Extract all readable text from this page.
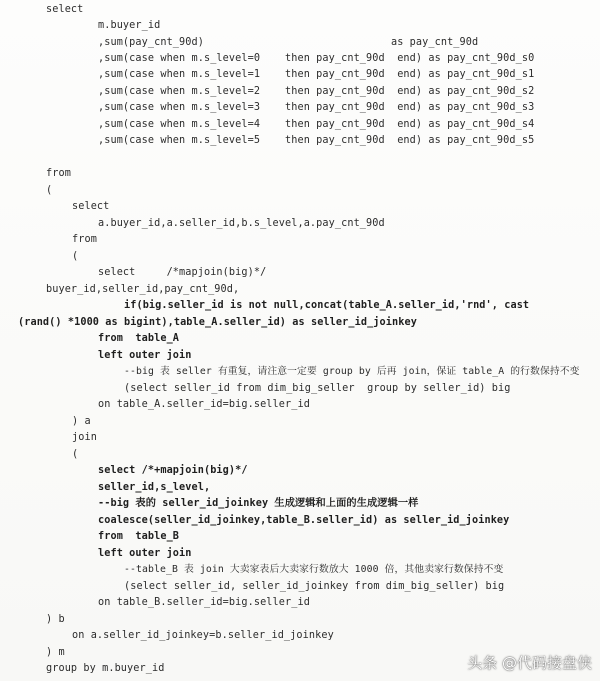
select
m.buyer_id
,sum(pay_cnt_90d)                              as pay_cnt_90d
,sum(case when m.s_level=0    then pay_cnt_90d  end) as pay_cnt_90d_s0
,sum(case when m.s_level=1    then pay_cnt_90d  end) as pay_cnt_90d_s1
,sum(case when m.s_level=2    then pay_cnt_90d  end) as pay_cnt_90d_s2
,sum(case when m.s_level=3    then pay_cnt_90d  end) as pay_cnt_90d_s3
,sum(case when m.s_level=4    then pay_cnt_90d  end) as pay_cnt_90d_s4
,sum(case when m.s_level=5    then pay_cnt_90d  end) as pay_cnt_90d_s5
from
(
select
a.buyer_id,a.seller_id,b.s_level,a.pay_cnt_90d
from
(
select     /*mapjoin(big)*/
buyer_id,seller_id,pay_cnt_90d,
if(big.seller_id is not null,concat(table_A.seller_id,'rnd', cast
(rand() *1000 as bigint),table_A.seller_id) as seller_id_joinkey
from  table_A
left outer join
--big 表 seller 有重复，请注意一定要 group by 后再 join，保证 table_A 的行数保持不变
(select seller_id from dim_big_seller  group by seller_id) big
on table_A.seller_id=big.seller_id
) a
join
(
select /*+mapjoin(big)*/
seller_id,s_level,
--big 表的 seller_id_joinkey 生成逻辑和上面的生成逻辑一样
coalesce(seller_id_joinkey,table_B.seller_id) as seller_id_joinkey
from  table_B
left outer join
--table_B 表 join 大卖家表后大卖家行数放大 1000 倍，其他卖家行数保持不变
(select seller_id, seller_id_joinkey from dim_big_seller) big
on table_B.seller_id=big.seller_id
) b
on a.seller_id_joinkey=b.seller_id_joinkey
) m
group by m.buyer_id	头条 @代码接盘侠
